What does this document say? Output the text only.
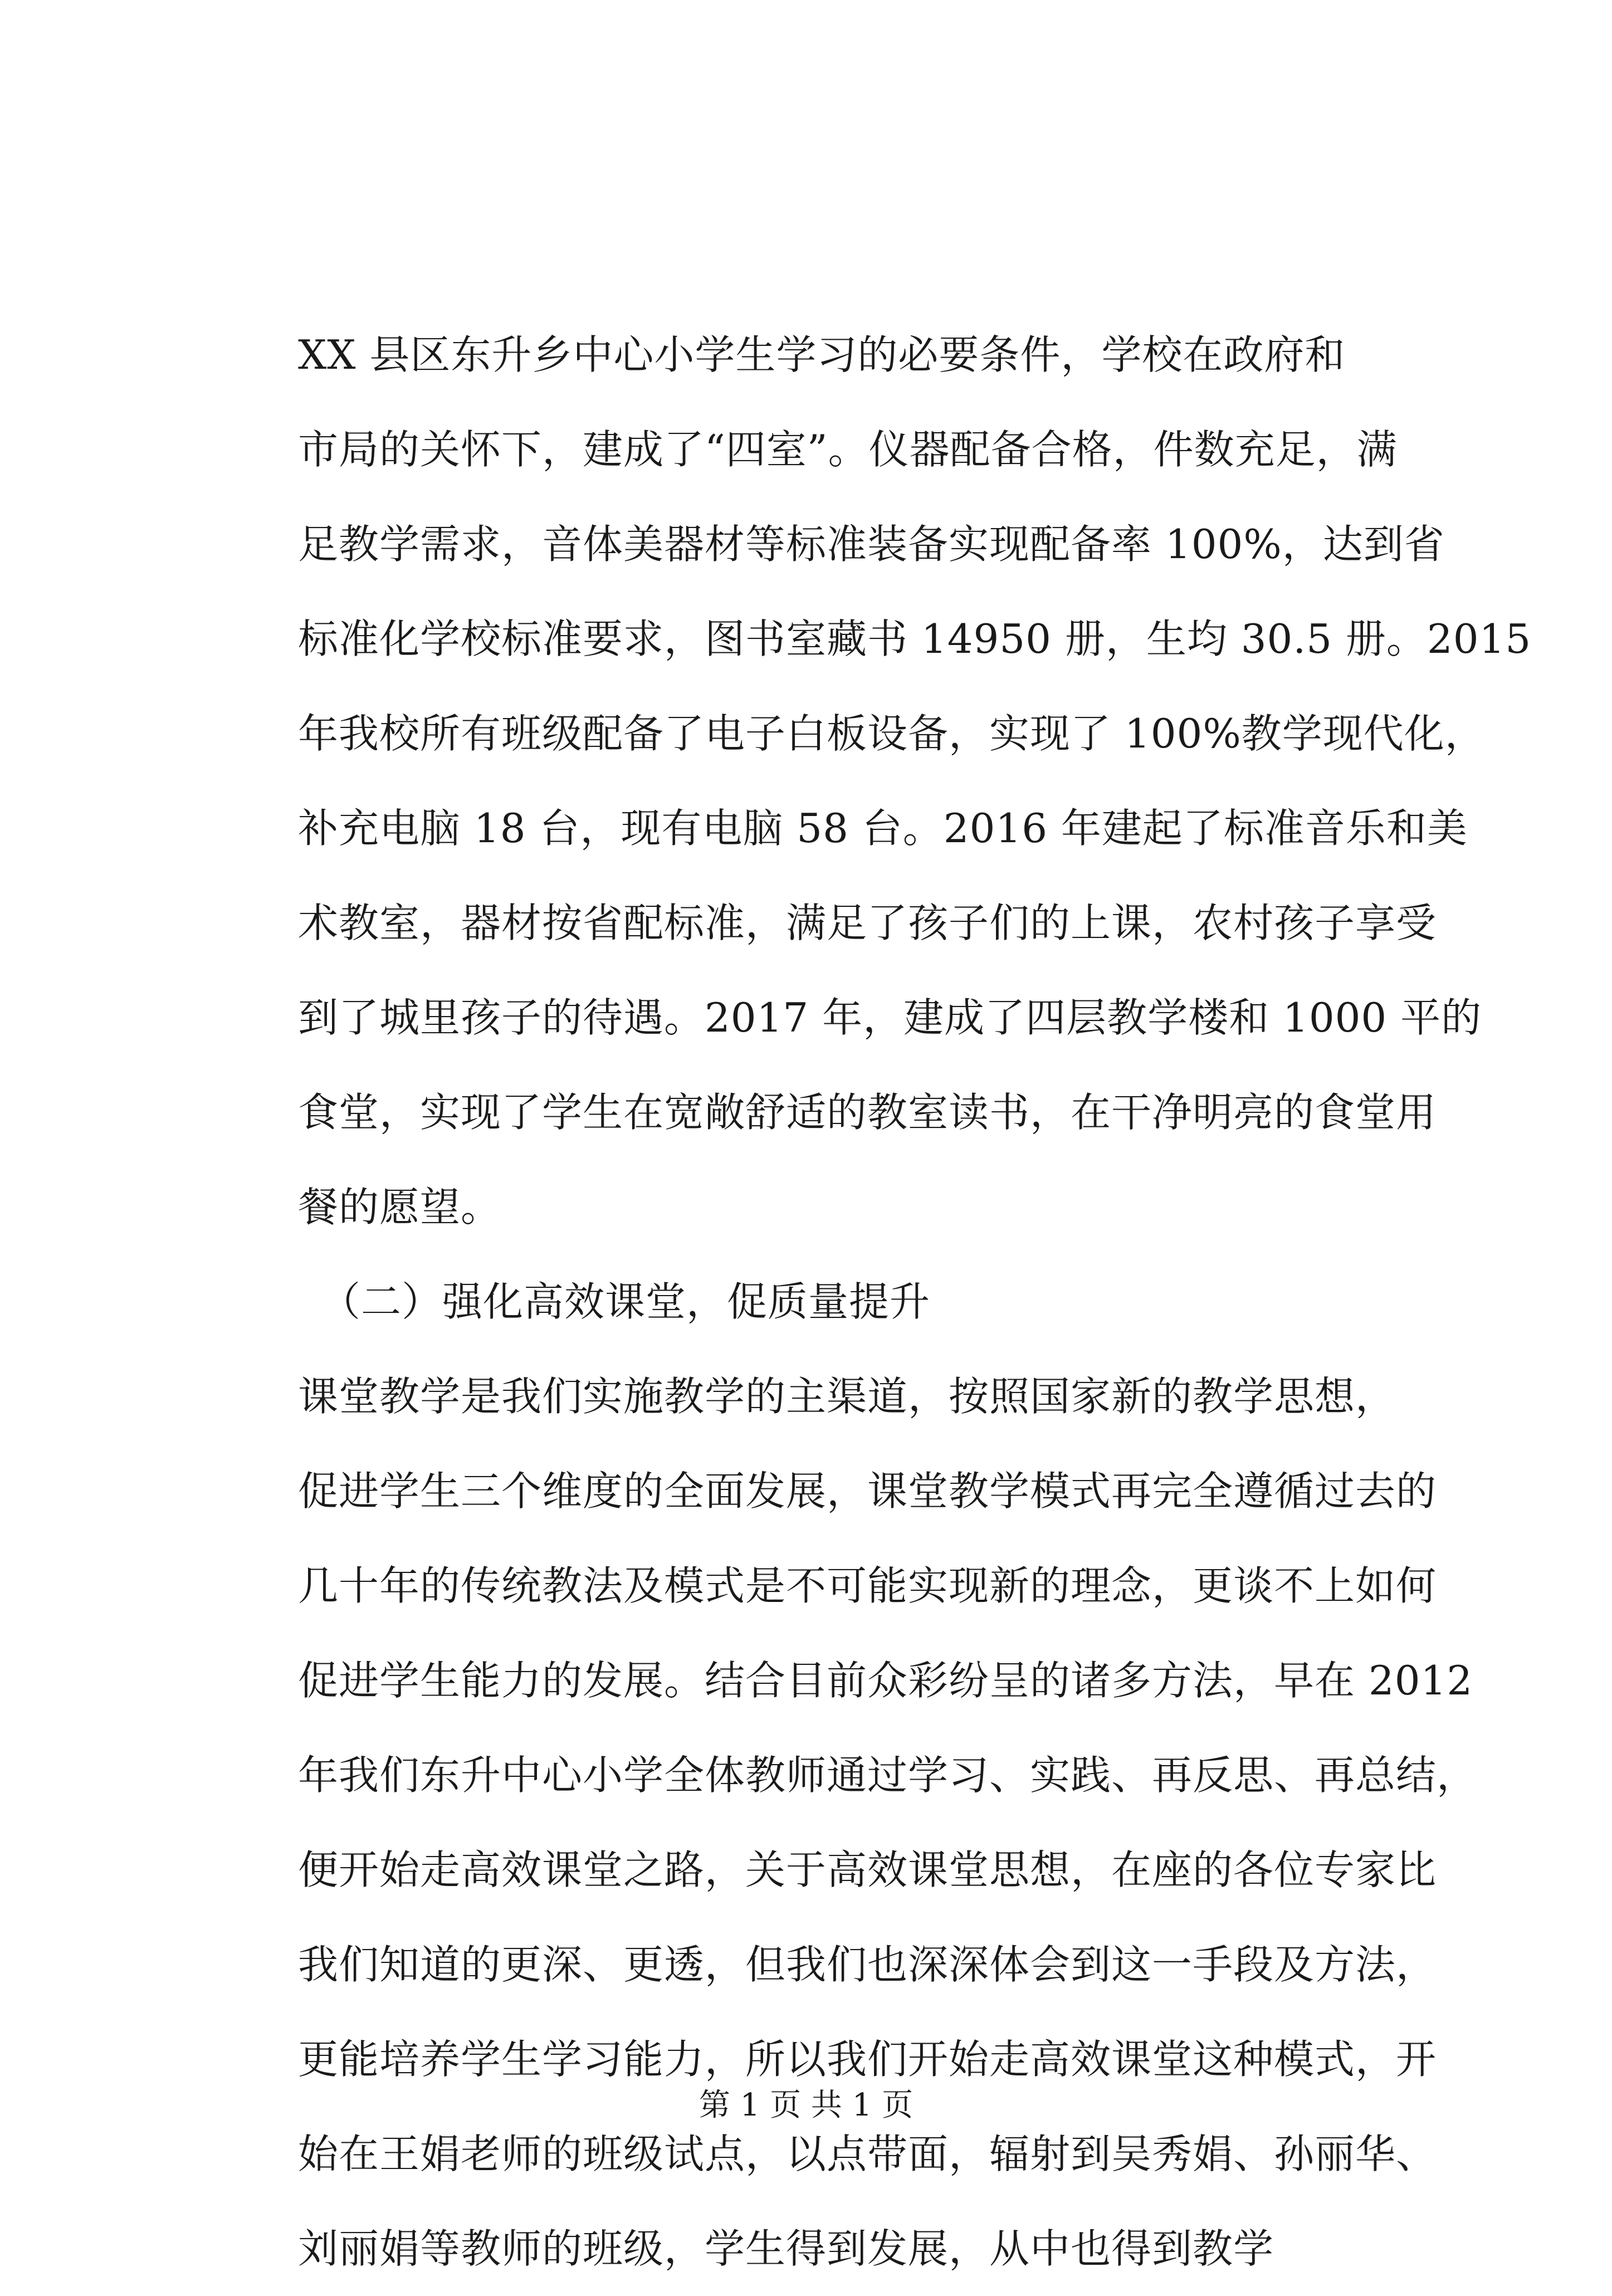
XX 县区东升乡中心小学生学习的必要条件，学校在政府和
市局的关怀下，建成了“四室”。仪器配备合格，件数充足，满
足教学需求，音体美器材等标准装备实现配备率 100%，达到省
标准化学校标准要求，图书室藏书 14950 册，生均 30.5 册。2015
年我校所有班级配备了电子白板设备，实现了 100%教学现代化，
补充电脑 18 台，现有电脑 58 台。2016 年建起了标准音乐和美
术教室，器材按省配标准，满足了孩子们的上课，农村孩子享受
到了城里孩子的待遇。2017 年，建成了四层教学楼和 1000 平的
食堂，实现了学生在宽敞舒适的教室读书，在干净明亮的食堂用
餐的愿望。
（二）强化高效课堂，促质量提升
课堂教学是我们实施教学的主渠道，按照国家新的教学思想，
促进学生三个维度的全面发展，课堂教学模式再完全遵循过去的
几十年的传统教法及模式是不可能实现新的理念，更谈不上如何
促进学生能力的发展。结合目前众彩纷呈的诸多方法，早在 2012
年我们东升中心小学全体教师通过学习、实践、再反思、再总结，
便开始走高效课堂之路，关于高效课堂思想，在座的各位专家比
我们知道的更深、更透，但我们也深深体会到这一手段及方法，
更能培养学生学习能力，所以我们开始走高效课堂这种模式，开
始在王娟老师的班级试点，以点带面，辐射到吴秀娟、孙丽华、
刘丽娟等教师的班级，学生得到发展，从中也得到教学
第 1 页 共 1 页
